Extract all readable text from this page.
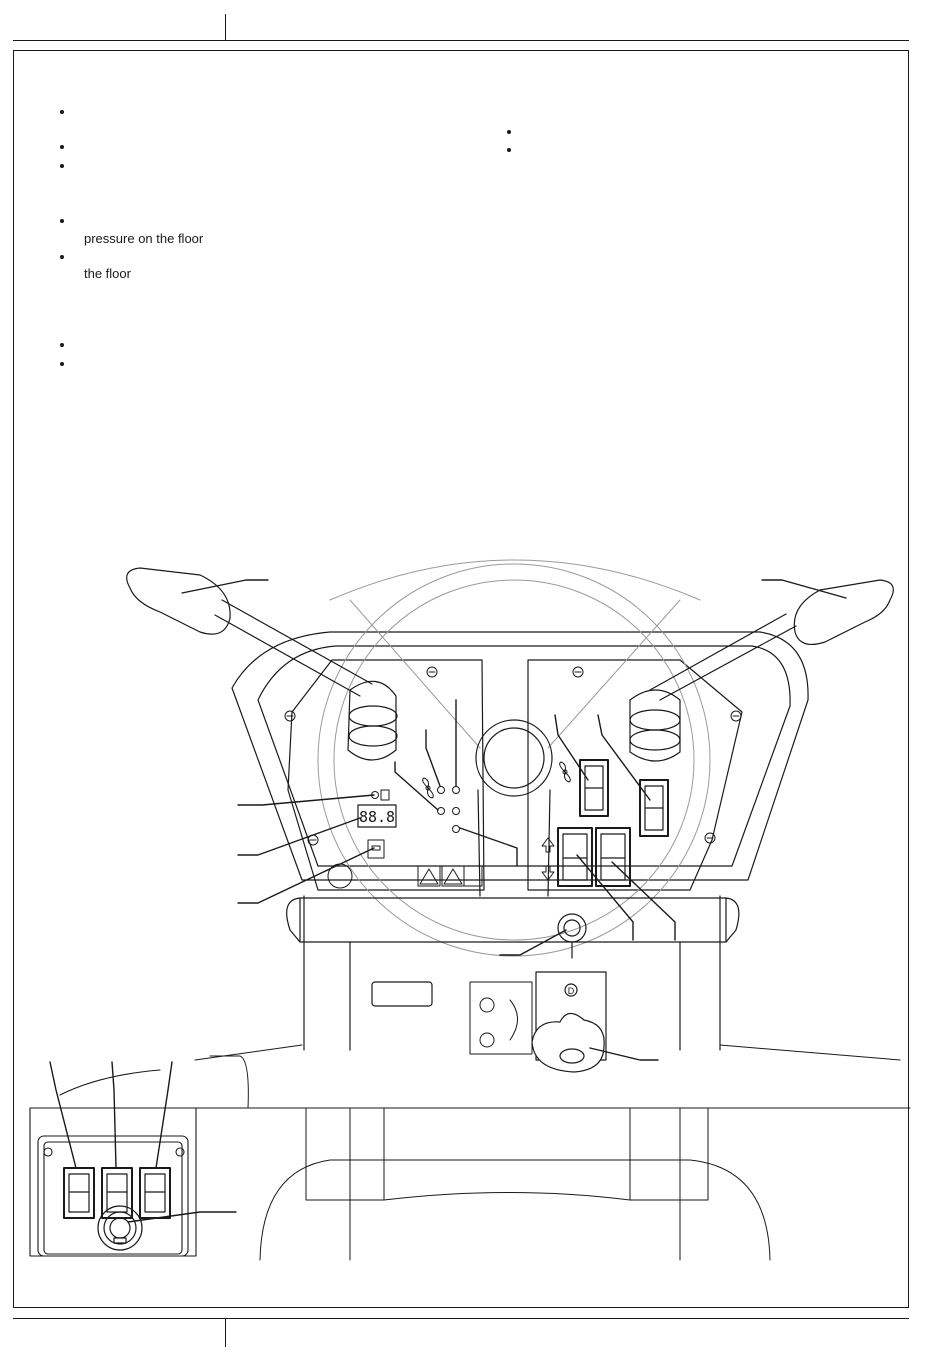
pressure on the floor
the floor
88.8
D
